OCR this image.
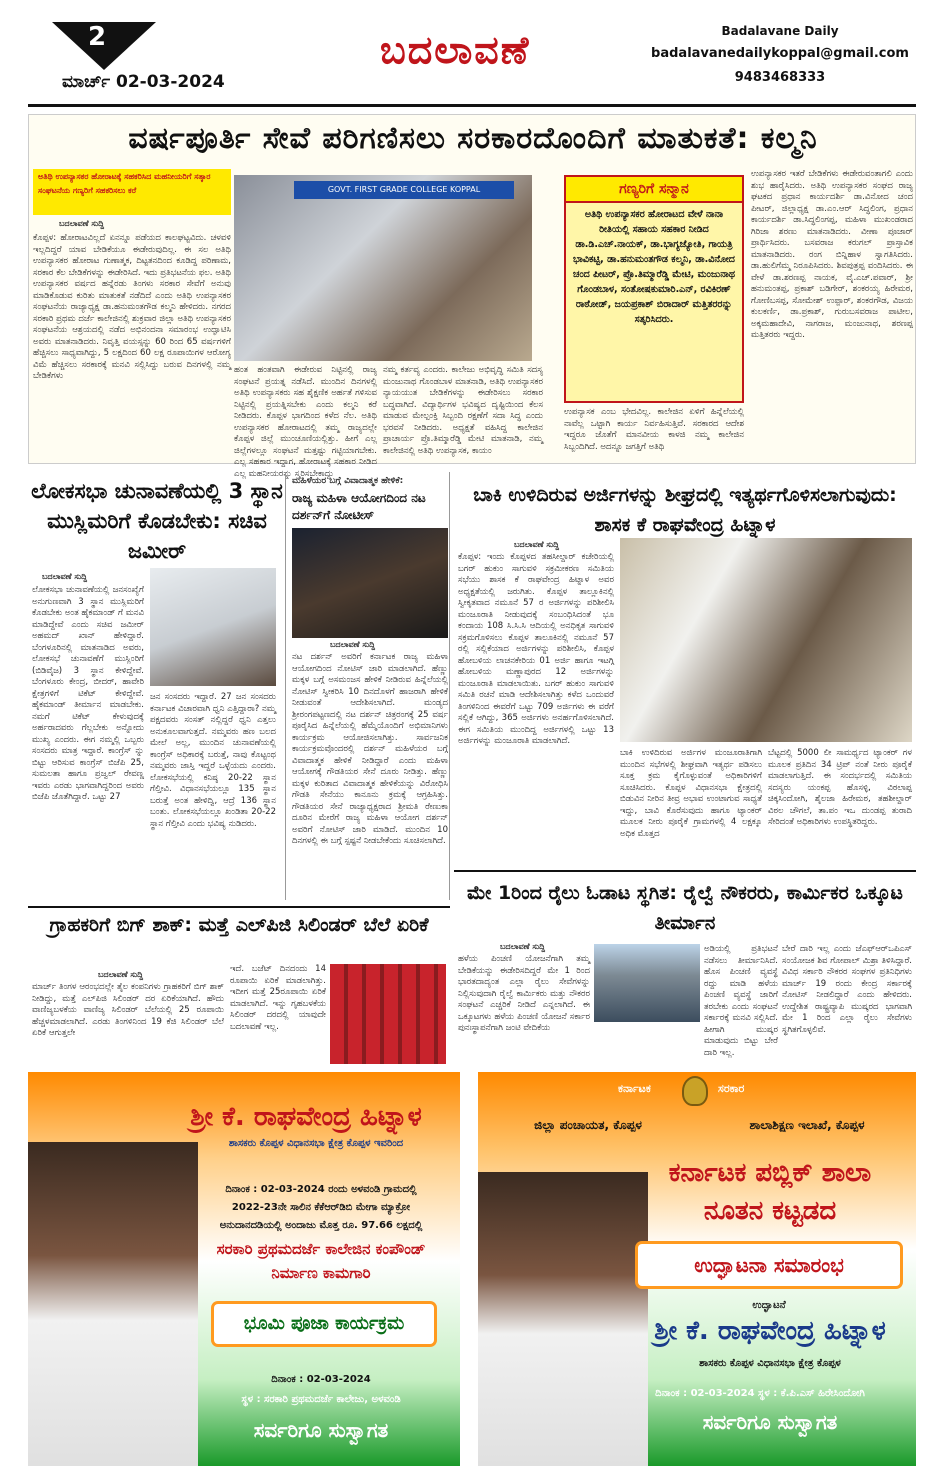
2
ಮಾರ್ಚ್ 02-03-2024
ಬದಲಾವಣೆ	Badalavane Daily
badalavanedailykoppal@gmail.com
9483468333
ವರ್ಷಪೂರ್ತಿ ಸೇವೆ ಪರಿಗಣಿಸಲು ಸರಕಾರದೊಂದಿಗೆ ಮಾತುಕತೆ: ಕಲ್ಮನಿ
ಅತಿಥಿ ಉಪನ್ಯಾಸಕರ ಹೋರಾಟಕ್ಕೆ ಸಹಕರಿಸಿದ ಮಹನೀಯರಿಗೆ ಸತ್ಕಾರ
ಸಂಘಟನೆಯ ಗಣ್ಯರಿಗೆ ಸಹಕರಿಸಲು ಕರೆ
ಬದಲಾವಣೆ ಸುದ್ದಿ
ಕೊಪ್ಪಳ: ಹೋರಾಟವಿಲ್ಲದೆ ಏನನ್ನೂ ಪಡೆಯದ ಕಾಲಘಟ್ಟವಿದು. ಚಳವಳಿ ಇಲ್ಲದಿದ್ದರೆ ಯಾವ ಬೇಡಿಕೆಯೂ ಈಡೇರುವುದಿಲ್ಲ. ಈ ಸಲ ಅತಿಥಿ ಉಪನ್ಯಾಸಕರ ಹೋರಾಟ ಗುಣಾತ್ಮಕ, ದಿಟ್ಟತನದಿಂದ ಕೂಡಿದ್ದ ಪರಿಣಾಮ, ಸರಕಾರ ಕೆಲ ಬೇಡಿಕೆಗಳನ್ನು ಈಡೇರಿಸಿದೆ. ಇದು ಪ್ರತಿಭಟನೆಯ ಫಲ. ಅತಿಥಿ ಉಪನ್ಯಾಸಕರ ವರ್ಷದ ಹನ್ನೆರಡು ತಿಂಗಳು ಸರಕಾರ ಸೇವೆಗೆ ಅನುವು ಮಾಡಿಕೊಡುವ ಕುರಿತು ಮಾತುಕತೆ ನಡೆದಿದೆ ಎಂದು ಅತಿಥಿ ಉಪನ್ಯಾಸಕರ ಸಂಘಟನೆಯ ರಾಜ್ಯಾಧ್ಯಕ್ಷ ಡಾ.ಹನುಮಂತಗೌಡ ಕಲ್ಮನಿ ಹೇಳಿದರು. ನಗರದ ಸರಕಾರಿ ಪ್ರಥಮ ದರ್ಜೆ ಕಾಲೇಜಿನಲ್ಲಿ ಶುಕ್ರವಾರ ಜಿಲ್ಲಾ ಅತಿಥಿ ಉಪನ್ಯಾಸಕರ ಸಂಘಟನೆಯ ಆಶ್ರಯದಲ್ಲಿ ನಡೆದ ಅಭಿನಂದನಾ ಸಮಾರಂಭ ಉದ್ಘಾಟಿಸಿ ಅವರು ಮಾತನಾಡಿದರು. ನಿವೃತ್ತಿ ವಯಸ್ಸನ್ನು 60 ರಿಂದ 65 ವರ್ಷಗಳಿಗೆ ಹೆಚ್ಚಿಸಲು ಸಾಧ್ಯವಾಗಿದ್ದು, 5 ಲಕ್ಷದಿಂದ 60 ಲಕ್ಷ ರೂಪಾಯಿಗಳ ಆರೋಗ್ಯ ವಿಮೆ ಹೆಚ್ಚಿಸಲು ಸರಕಾರಕ್ಕೆ ಮನವಿ ಸಲ್ಲಿಸಿದ್ದು ಬರುವ ದಿನಗಳಲ್ಲಿ ನಮ್ಮ ಬೇಡಿಕೆಗಳು
GOVT. FIRST GRADE COLLEGE KOPPAL
ಹಂತ ಹಂತವಾಗಿ ಈಡೇರುವ ನಿಟ್ಟಿನಲ್ಲಿ ರಾಜ್ಯ ಸಂಘಟನೆ ಪ್ರಯತ್ನ ನಡೆಸಿದೆ. ಮುಂದಿನ ದಿನಗಳಲ್ಲಿ ಅತಿಥಿ ಉಪನ್ಯಾಸಕರು ಸಹ ಶೈಕ್ಷಣಿಕ ಅರ್ಹತೆ ಗಳಿಸುವ ನಿಟ್ಟಿನಲ್ಲಿ ಪ್ರಯತ್ನಿಸಬೇಕು ಎಂದು ಕಲ್ಮನಿ ಕರೆ ನೀಡಿದರು. ಕೊಪ್ಪಳ ಭಾಗದಿಂದ ಕಳೆದ ನೆಲ. ಅತಿಥಿ ಉಪನ್ಯಾಸಕರ ಹೋರಾಟದಲ್ಲಿ ತಮ್ಮ ರಾಜ್ಯದಲ್ಲೇ ಕೊಪ್ಪಳ ಜಿಲ್ಲೆ ಮುಂಚೂಣಿಯಲ್ಲಿತ್ತು. ಹೀಗೆ ಎಲ್ಲ ಜಿಲ್ಲೆಗಳಲ್ಲೂ ಸಂಘಟನೆ ಮತ್ತಷ್ಟು ಗಟ್ಟಿಯಾಗಬೇಕು. ಎಲ್ಲ ಸಹಕಾರ ಇದ್ದಾಗ, ಹೋರಾಟಕ್ಕೆ ಸಹಕಾರ ನೀಡಿದ ಎಲ್ಲ ಮಹನೀಯರನ್ನು ಸ್ಮರಿಸಬೇಕಾದ್ದು
ನಮ್ಮ ಕರ್ತವ್ಯ ಎಂದರು. ಕಾಲೇಜು ಅಭಿವೃದ್ಧಿ ಸಮಿತಿ ಸದಸ್ಯ ಮಂಜುನಾಥ ಗೊಂಡಬಾಳ ಮಾತನಾಡಿ, ಅತಿಥಿ ಉಪನ್ಯಾಸಕರ ನ್ಯಾಯಯುತ ಬೇಡಿಕೆಗಳನ್ನು ಈಡೇರಿಸಲು ಸರಕಾರ ಬದ್ಧವಾಗಿದೆ. ವಿದ್ಯಾರ್ಥಿಗಳ ಭವಿಷ್ಯದ ದೃಷ್ಟಿಯಿಂದ ಕೆಲಸ ಮಾಡುವ ಮೇಲ್ಪಂಕ್ತಿ ಸಿಬ್ಬಂದಿ ರಕ್ಷಣೆಗೆ ಸದಾ ಸಿದ್ಧ ಎಂದು ಭರವಸೆ ನೀಡಿದರು. ಅಧ್ಯಕ್ಷತೆ ವಹಿಸಿದ್ದ ಕಾಲೇಜಿನ ಪ್ರಾಚಾರ್ಯ ಪ್ರೊ.ತಿಮ್ಮಾರೆಡ್ಡಿ ಮೇಟಿ ಮಾತನಾಡಿ, ನಮ್ಮ ಕಾಲೇಜಿನಲ್ಲಿ ಅತಿಥಿ ಉಪನ್ಯಾಸಕ, ಕಾಯಂ
ಗಣ್ಯರಿಗೆ ಸನ್ಮಾನ
ಅತಿಥಿ ಉಪನ್ಯಾಸಕರ ಹೋರಾಟದ ವೇಳೆ ನಾನಾ ರೀತಿಯಲ್ಲಿ ಸಹಾಯ ಸಹಕಾರ ನೀಡಿದ ಡಾ.ಡಿ.ಎಚ್.ನಾಯಕ್, ಡಾ.ಭಾಗ್ಯಜ್ಯೋತಿ, ಗಾಯತ್ರಿ ಭಾವಿಕಟ್ಟಿ, ಡಾ.ಹನುಮಂತಗೌಡ ಕಲ್ಮನಿ, ಡಾ.ವಿನೋದ ಚಂದ ಪೀಟರ್, ಪ್ರೊ.ತಿಮ್ಮಾರೆಡ್ಡಿ ಮೇಟಿ, ಮಂಜುನಾಥ ಗೊಂಡಬಾಳ, ಸಂತೋಷಕುಮಾರಿ.ಎನ್, ರವಿಕಿರಣ್ ರಾಠೋಡ್, ಜಯಪ್ರಕಾಶ್ ಬಿರಾದಾರ್ ಮತ್ತಿತರರನ್ನು ಸತ್ಕರಿಸಿದರು.
ಉಪನ್ಯಾಸಕ ಎಂಬ ಭೇದವಿಲ್ಲ. ಕಾಲೇಜಿನ ಏಳಿಗೆ ಹಿನ್ನೆಲೆಯಲ್ಲಿ ನಾವೆಲ್ಲ ಒಟ್ಟಾಗಿ ಕಾರ್ಯ ನಿರ್ವಹಿಸುತ್ತಿವೆ. ಸರಕಾರದ ಆದೇಶ ಇದ್ದರೂ ಜೊತೆಗೆ ಮಾನವೀಯ ಕಾಳಜಿ ನಮ್ಮ ಕಾಲೇಜಿನ ಸಿಬ್ಬಂದಿಗಿದೆ. ಅದನ್ನೂ ಜಗತ್ತಿಗೆ ಅತಿಥಿ
ಉಪನ್ಯಾಸಕರ ಇತರೆ ಬೇಡಿಕೆಗಳು ಈಡೇರುವಂತಾಗಲಿ ಎಂದು ಶುಭ ಹಾರೈಸಿದರು. ಅತಿಥಿ ಉಪನ್ಯಾಸಕರ ಸಂಘದ ರಾಜ್ಯ ಘಟಕದ ಪ್ರಧಾನ ಕಾರ್ಯದರ್ಶಿ ಡಾ.ವಿನೋದ ಚಂದ ಪೀಟರ್, ಜಿಲ್ಲಾಧ್ಯಕ್ಷ ಡಾ.ಎಂ.ಆರ್ ಸಿದ್ಧಲಿಂಗ, ಪ್ರಧಾನ ಕಾರ್ಯದರ್ಶಿ ಡಾ.ಸಿದ್ಧಲಿಂಗಪ್ಪ, ಮಹಿಳಾ ಮುಖಂಡರಾದ ಗಿರಿಜಾ ಶರಣು ಮಾತನಾಡಿದರು. ವೀಣಾ ಪೂಜಾರ್ ಪ್ರಾರ್ಥಿಸಿದರು. ಬಸವರಾಜ ಕರುಗಲ್ ಪ್ರಾಸ್ತಾವಿಕ ಮಾತನಾಡಿದರು. ರಂಗ ಬಿನ್ನಿಹಾಳ ಸ್ವಾಗತಿಸಿದರು. ಡಾ.ಹುಲಿಗೆಮ್ಮ ನಿರೂಪಿಸಿದರು. ಶಿವಪುತ್ರಪ್ಪ ವಂದಿಸಿದರು. ಈ ವೇಳೆ ಡಾ.ಶರಣಪ್ಪ ನಾಯಕ, ವೈ.ಎಚ್.ಪವಾರ್, ಶ್ರೀ ಹನುಮಂತಪ್ಪ, ಪ್ರಕಾಶ್ ಬಡಿಗೇರ್, ಶಂಕರಯ್ಯ ಹಿರೇಮಠ, ಗೋಣಿಬಸಪ್ಪ, ಸೋಮೇಶ್ ಉಪ್ಪಾರ್, ಶಂಕರಗೌಡ, ವಿಜಯ ಕುಲಕರ್ಣಿ, ಡಾ.ಪ್ರಕಾಶ್, ಗುರುಬಸವರಾಜ ಪಾಟೀಲ, ಅಕ್ಕಮಹಾದೇವಿ, ನಾಗರಾಜ, ಮಂಜುನಾಥ, ಶರಣಪ್ಪ ಮತ್ತಿತರರು ಇದ್ದರು.
ಲೋಕಸಭಾ ಚುನಾವಣೆಯಲ್ಲಿ 3 ಸ್ಥಾನ ಮುಸ್ಲಿಮರಿಗೆ ಕೊಡಬೇಕು: ಸಚಿವ ಜಮೀರ್
ಬದಲಾವಣೆ ಸುದ್ದಿ
ಲೋಕಸಭಾ ಚುನಾವಣೆಯಲ್ಲಿ ಜನಸಂಖ್ಯೆಗೆ ಅನುಗುಣವಾಗಿ 3 ಸ್ಥಾನ ಮುಸ್ಲಿಮರಿಗೆ ಕೊಡಬೇಕು ಅಂತ ಹೈಕಮಾಂಡ್ ಗೆ ಮನವಿ ಮಾಡಿದ್ದೇವೆ ಎಂದು ಸಚಿವ ಜಮೀರ್ ಅಹಮದ್ ಖಾನ್ ಹೇಳಿದ್ದಾರೆ. ಬೆಂಗಳೂರಿನಲ್ಲಿ ಮಾತನಾಡಿದ ಅವರು, ಲೋಕಸಭೆ ಚುನಾವಣೆಗೆ ಮುಸ್ಲಿಂರಿಗೆ (ಬಿಡಿವೈಜ) 3 ಸ್ಥಾನ ಕೇಳಿದ್ದೇವೆ. ಬೆಂಗಳೂರು ಕೇಂದ್ರ, ಬೀದರ್, ಹಾವೇರಿ ಕ್ಷೇತ್ರಗಳಿಗೆ ಟಿಕೆಟ್ ಕೇಳಿದ್ದೇವೆ. ಹೈಕಮಾಂಡ್ ತೀರ್ಮಾನ ಮಾಡಬೇಕು. ನಮಗೆ ಟಿಕೆಟ್ ಕೇಳುವುದಕ್ಕೆ ಅರ್ಹರಾದವರು ಗೆಲ್ಲಬೇಕು ಅನ್ನೋದು ಮುಖ್ಯ ಎಂದರು. ಈಗ ನಮ್ಮಲ್ಲಿ ಒಬ್ಬರು ಸಂಸದರು ಮಾತ್ರ ಇದ್ದಾರೆ. ಕಾಂಗ್ರೆಸ್ ನ್ನು ಬಿಟ್ಟು ಆರಿಸುವ ಕಾಂಗ್ರೆಸ್ ಬಿಜೆಪಿ 25, ಸುಮಲತಾ ಹಾಗೂ ಪ್ರಜ್ವಲ್ ರೇವಣ್ಣ ಇವರು ಎರಡು ಭಾಗವಾಗಿದ್ದರಿಂದ ಅವರು ಬಿಜೆಪಿ ಜೊತೆಗಿದ್ದಾರೆ. ಒಟ್ಟು 27
ಜನ ಸಂಸದರು ಇದ್ದಾರೆ. 27 ಜನ ಸಂಸದರು ಕರ್ನಾಟಕ ವಿಚಾರವಾಗಿ ಧ್ವನಿ ಎತ್ತಿದ್ದಾರಾ? ನಮ್ಮ ಪಕ್ಷದವರು ಸಂಸತ್ ನಲ್ಲಿದ್ದರೆ ಧ್ವನಿ ಎತ್ತಲು ಅನುಕೂಲವಾಗುತ್ತದೆ. ನಮ್ಮವರು ಹಣ ಬಲದ ಮೇಲೆ ಅಲ್ಲ, ಮುಂದಿನ ಚುನಾವಣೆಯಲ್ಲಿ ಕಾಂಗ್ರೆಸ್ ಅಧಿಕಾರಕ್ಕೆ ಬರುತ್ತೆ, ನಾವು ಕೊಟ್ಟಂಥ ನಮ್ಮವರು ಜಾಸ್ತಿ ಇದ್ದರೆ ಒಳ್ಳೆಯದು ಎಂದರು. ಲೋಕಸಭೆಯಲ್ಲಿ ಕನಿಷ್ಠ 20-22 ಸ್ಥಾನ ಗೆಲ್ತೀವಿ. ವಿಧಾನಸಭೆಯಲ್ಲೂ 135 ಸ್ಥಾನ ಬರುತ್ತೆ ಅಂತ ಹೇಳಿದ್ವಿ, ಆದ್ರೆ 136 ಸ್ಥಾನ ಬಂತು. ಲೋಕಸಭೆಯಲ್ಲೂ ಖಂಡಿತಾ 20-22 ಸ್ಥಾನ ಗೆಲ್ತೀವಿ ಎಂದು ಭವಿಷ್ಯ ನುಡಿದರು.
ಮಹಿಳೆಯರ ಬಗ್ಗೆ ವಿವಾದಾತ್ಮಕ ಹೇಳಿಕೆ:
ರಾಜ್ಯ ಮಹಿಳಾ ಆಯೋಗದಿಂದ ನಟ ದರ್ಶನ್‌ಗೆ ನೋಟೀಸ್
ಬದಲಾವಣೆ ಸುದ್ದಿ
ನಟ ದರ್ಶನ್ ಅವರಿಗೆ ಕರ್ನಾಟಕ ರಾಜ್ಯ ಮಹಿಳಾ ಆಯೋಗದಿಂದ ನೋಟಿಸ್ ಜಾರಿ ಮಾಡಲಾಗಿದೆ. ಹೆಣ್ಣು ಮಕ್ಕಳ ಬಗ್ಗೆ ಅಸಮಂಜಸ ಹೇಳಿಕೆ ನೀಡಿರುವ ಹಿನ್ನೆಲೆಯಲ್ಲಿ ನೋಟಿಸ್ ಸ್ವೀಕರಿಸಿ 10 ದಿನದೊಳಗೆ ಹಾಜರಾಗಿ ಹೇಳಿಕೆ ನೀಡುವಂತೆ ಆದೇಶಿಸಲಾಗಿದೆ. ಮಂಡ್ಯದ ಶ್ರೀರಂಗಪಟ್ಟಣದಲ್ಲಿ ನಟ ದರ್ಶನ್ ಚಿತ್ರರಂಗಕ್ಕೆ 25 ವರ್ಷ ಪೂರೈಸಿದ ಹಿನ್ನೆಲೆಯಲ್ಲಿ ಹೆಮ್ಮೆಯೊಂದಿಗೆ ಅಭಿಮಾನಿಗಳು ಕಾರ್ಯಕ್ರಮ ಆಯೋಜಿಸಲಾಗಿತ್ತು. ಸಾರ್ವಜನಿಕ ಕಾರ್ಯಕ್ರಮವೊಂದರಲ್ಲಿ ದರ್ಶನ್ ಮಹಿಳೆಯರ ಬಗ್ಗೆ ವಿವಾದಾತ್ಮಕ ಹೇಳಿಕೆ ನೀಡಿದ್ದಾರೆ ಎಂದು ಮಹಿಳಾ ಆಯೋಗಕ್ಕೆ ಗೌಡತಿಯರ ಸೇನೆ ದೂರು ನೀಡಿತ್ತು. ಹೆಣ್ಣು ಮಕ್ಕಳ ಕುರಿತಾದ ವಿವಾದಾತ್ಮಕ ಹೇಳಿಕೆಯನ್ನು ವಿರೋಧಿಸಿ ಗೌಡತಿ ಸೇನೆಯು ಕಾನೂನು ಕ್ರಮಕ್ಕೆ ಆಗ್ರಹಿಸಿತ್ತು. ಗೌಡತಿಯರ ಸೇನೆ ರಾಜ್ಯಾಧ್ಯಕ್ಷರಾದ ಶ್ರೀಮತಿ ರೇಣುಕಾ ದೂರಿನ ಮೇರೆಗೆ ರಾಜ್ಯ ಮಹಿಳಾ ಆಯೋಗ ದರ್ಶನ್ ಅವರಿಗೆ ನೋಟಿಸ್ ಜಾರಿ ಮಾಡಿದೆ. ಮುಂದಿನ 10 ದಿನಗಳಲ್ಲಿ ಈ ಬಗ್ಗೆ ಸ್ಪಷ್ಟನೆ ನೀಡಬೇಕೆಂದು ಸೂಚಿಸಲಾಗಿದೆ.
ಬಾಕಿ ಉಳಿದಿರುವ ಅರ್ಜಿಗಳನ್ನು ಶೀಘ್ರದಲ್ಲಿ ಇತ್ಯರ್ಥಗೊಳಿಸಲಾಗುವುದು: ಶಾಸಕ ಕೆ ರಾಘವೇಂದ್ರ ಹಿಟ್ನಾಳ
ಬದಲಾವಣೆ ಸುದ್ದಿ
ಕೊಪ್ಪಳ: ಇಂದು ಕೊಪ್ಪಳದ ತಹಸೀಲ್ದಾರ್ ಕಚೇರಿಯಲ್ಲಿ ಬಗರ್ ಹುಕುಂ ಸಾಗುವಳಿ ಸಕ್ರಮೀಕರಣ ಸಮಿತಿಯ ಸಭೆಯು ಶಾಸಕ ಕೆ ರಾಘವೇಂದ್ರ ಹಿಟ್ನಾಳ ಅವರ ಅಧ್ಯಕ್ಷತೆಯಲ್ಲಿ ಜರುಗಿತು. ಕೊಪ್ಪಳ ತಾಲ್ಲೂಕಿನಲ್ಲಿ ಸ್ವೀಕೃತವಾದ ನಮೂನೆ 57 ರ ಅರ್ಜಿಗಳನ್ನು ಪರಿಶೀಲಿಸಿ ಮಂಜೂರಾತಿ ನೀಡುವುದಕ್ಕೆ ಸಂಬಂಧಿಸಿದಂತೆ ಭೂ ಕಂದಾಯ 108 ಸಿ.ಸಿ.ಸಿ ಆದಿಯಲ್ಲಿ ಅನಧಿಕೃತ ಸಾಗುವಳಿ ಸಕ್ರಮಗೊಳಿಸಲು ಕೊಪ್ಪಳ ತಾಲೂಕಿನಲ್ಲಿ ನಮೂನೆ 57 ರಲ್ಲಿ ಸಲ್ಲಿಕೆಯಾದ ಅರ್ಜಿಗಳನ್ನು ಪರಿಶೀಲಿಸಿ, ಕೊಪ್ಪಳ ಹೋಬಳಿಯ ಲಾಚನಕೇರಿಯ 01 ಅರ್ಜಿ ಹಾಗೂ ಇಟಗ್ಗಿ ಹೋಬಳಿಯ ಮಣ್ಣಾಪುರದ 12 ಅರ್ಜಿಗಳನ್ನು ಮಂಜೂರಾತಿ ಮಾಡಲಾಯಿತು. ಬಗರ್ ಹುಕುಂ ಸಾಗುವಳಿ ಸಮಿತಿ ರಚನೆ ಮಾಡಿ ಆದೇಶಿಸಲಾಗಿತ್ತು ಕಳೆದ ಒಂದುವರೆ ತಿಂಗಳಿನಿಂದ ಈವರೆಗೆ ಒಟ್ಟು 709 ಅರ್ಜಿಗಳು ಈ ವರೆಗೆ ಸಲ್ಲಿಕೆ ಆಗಿದ್ದು, 365 ಅರ್ಜಿಗಳು ಅನರ್ಹಗೊಳಿಸಲಾಗಿದೆ. ಈಗ ಸಮಿತಿಯ ಮುಂದಿದ್ದ ಅರ್ಜಿಗಳಲ್ಲಿ ಒಟ್ಟು 13 ಅರ್ಜಿಗಳನ್ನು ಮಂಜೂರಾತಿ ಮಾಡಲಾಗಿದೆ.
ಬಾಕಿ ಉಳಿದಿರುವ ಅರ್ಜಿಗಳ ಮಂಜೂರಾತಿಗಾಗಿ ಮುಂದಿನ ಸಭೆಗಳಲ್ಲಿ ಶೀಘ್ರವಾಗಿ ಇತ್ಯರ್ಥ ಪಡಿಸಲು ಸೂಕ್ತ ಕ್ರಮ ಕೈಗೊಳ್ಳುವಂತೆ ಅಧಿಕಾರಿಗಳಿಗೆ ಸೂಚಿಸಿದರು. ಕೊಪ್ಪಳ ವಿಧಾನಸಭಾ ಕ್ಷೇತ್ರದಲ್ಲಿ ಬಿಡುವಿನ ನೀರಿನ ತೀವ್ರ ಅಭಾವ ಉಂಟಾಗುವ ಸಾಧ್ಯತೆ ಇದ್ದು, ಬಾವಿ ಕೊರೆಸುವುದು ಹಾಗೂ ಟ್ಯಾಂಕರ್ ಮೂಲಕ ನೀರು ಪೂರೈಕೆ ಗ್ರಾಮಗಳಲ್ಲಿ 4 ಲಕ್ಷಕ್ಕೂ ಅಧಿಕ ಮೊತ್ತದ
ಬೆಟ್ಟದಲ್ಲಿ 5000 ಲೀ ಸಾಮರ್ಥ್ಯದ ಟ್ಯಾಂಕರ್ ಗಳ ಮೂಲಕ ಪ್ರತಿದಿನ 34 ಟ್ರಿಪ್ ನಂತೆ ನೀರು ಪೂರೈಕೆ ಮಾಡಲಾಗುತ್ತಿದೆ. ಈ ಸಂದರ್ಭದಲ್ಲಿ ಸಮಿತಿಯ ಸದಸ್ಯರು ಯಂಕಪ್ಪ ಹೊಸಳ್ಳಿ, ವಿಠಲಾಪ್ಪ ಚಿಕ್ಕಸಿಂದೋಗಿ, ಶೈಲಜಾ ಹಿರೇಮಠ, ತಹಶೀಲ್ದಾರ್ ವಿಠಲ ಚೌಗಲೆ, ತಾ.ಪಂ ಇಒ ದುಂಡಪ್ಪ ತುರಾದಿ ಸೇರಿದಂತೆ ಅಧಿಕಾರಿಗಳು ಉಪಸ್ಥಿತರಿದ್ದರು.
ಮೇ 1ರಿಂದ ರೈಲು ಓಡಾಟ ಸ್ಥಗಿತ: ರೈಲ್ವೆ ನೌಕರರು, ಕಾರ್ಮಿಕರ ಒಕ್ಕೂಟ ತೀರ್ಮಾನ
ಬದಲಾವಣೆ ಸುದ್ದಿ
ಹಳೆಯ ಪಿಂಚಣಿ ಯೋಜನೆಗಾಗಿ ತಮ್ಮ ಬೇಡಿಕೆಯನ್ನು ಈಡೇರಿಸದಿದ್ದರೆ ಮೇ 1 ರಿಂದ ಭಾರತದಾದ್ಯಂತ ಎಲ್ಲಾ ರೈಲು ಸೇವೆಗಳನ್ನು ನಿಲ್ಲಿಸುವುದಾಗಿ ರೈಲ್ವೆ ಕಾರ್ಮಿಕರು ಮತ್ತು ನೌಕರರ ಸಂಘಟನೆ ಎಚ್ಚರಿಕೆ ನೀಡಿದೆ ಎನ್ನಲಾಗಿದೆ. ಈ ಒಕ್ಕೂಟಗಳು ಹಳೆಯ ಪಿಂಚಣಿ ಯೋಜನೆ ಸರ್ಕಾರ ಪುನಃಸ್ಥಾಪನೆಗಾಗಿ ಜಂಟಿ ವೇದಿಕೆಯ
ಅಡಿಯಲ್ಲಿ ಪ್ರತಿಭಟನೆ ನಡೆಸಲು ತೀರ್ಮಾನಿಸಿದೆ. ಹೊಸ ಪಿಂಚಣಿ ವ್ಯವಸ್ಥೆ ರದ್ದು ಮಾಡಿ ಹಳೆಯ ಪಿಂಚಣಿ ವ್ಯವಸ್ಥೆ ಜಾರಿಗೆ ತರಬೇಕು ಎಂದು ಸಂಘಟನೆ ಸರ್ಕಾರಕ್ಕೆ ಮನವಿ ಸಲ್ಲಿಸಿದೆ. ಹೀಗಾಗಿ ಮುಷ್ಕರ ಮಾಡುವುದು ಬಿಟ್ಟು ಬೇರೆ ದಾರಿ ಇಲ್ಲ.
ಬೇರೆ ದಾರಿ ಇಲ್ಲ ಎಂದು ಜೆಎಫ್ಆರ್‌ಒಪಿಎಸ್ ಸಂಯೋಜಕ ಶಿವ ಗೋಪಾಲ್ ಮಿಶ್ರಾ ತಿಳಿಸಿದ್ದಾರೆ. ವಿವಿಧ ಸರ್ಕಾರಿ ನೌಕರರ ಸಂಘಗಳ ಪ್ರತಿನಿಧಿಗಳು ಮಾರ್ಚ್ 19 ರಂದು ಕೇಂದ್ರ ಸರ್ಕಾರಕ್ಕೆ ನೋಟಿಸ್ ನೀಡಲಿದ್ದಾರೆ ಎಂದು ಹೇಳಿದರು. ಉದ್ದೇಶಿತ ರಾಷ್ಟ್ರವ್ಯಾಪಿ ಮುಷ್ಕರದ ಭಾಗವಾಗಿ ಮೇ 1 ರಿಂದ ಎಲ್ಲಾ ರೈಲು ಸೇವೆಗಳು ಸ್ಥಗಿತಗೊಳ್ಳಲಿವೆ.
ಗ್ರಾಹಕರಿಗೆ ಬಿಗ್ ಶಾಕ್: ಮತ್ತೆ ಎಲ್‌ಪಿಜಿ ಸಿಲಿಂಡರ್ ಬೆಲೆ ಏರಿಕೆ
ಬದಲಾವಣೆ ಸುದ್ದಿ
ಮಾರ್ಚ್ ತಿಂಗಳ ಆರಂಭದಲ್ಲೇ ತೈಲ ಕಂಪನಿಗಳು ಗ್ರಾಹಕರಿಗೆ ಬಿಗ್ ಶಾಕ್ ನೀಡಿದ್ದು, ಮತ್ತೆ ಎಲ್‌ಪಿಜಿ ಸಿಲಿಂಡರ್ ದರ ಏರಿಕೆಯಾಗಿದೆ. ಹೌದು ವಾಣಿಜ್ಯಬಳಕೆಯ ವಾಣಿಜ್ಯ ಸಿಲಿಂಡರ್ ಬೆಲೆಯಲ್ಲಿ 25 ರೂಪಾಯಿ ಹೆಚ್ಚಳಮಾಡಲಾಗಿದೆ. ಎರಡು ತಿಂಗಳಿನಿಂದ 19 ಕೆಜಿ ಸಿಲಿಂಡರ್ ಬೆಲೆ ಏರಿಕೆ ಆಗುತ್ತಲೇ
ಇದೆ. ಬಜೆಟ್ ದಿನದಂದು 14 ರೂಪಾಯಿ ಏರಿಕೆ ಮಾಡಲಾಗಿತ್ತು. ಇದೀಗ ಮತ್ತೆ 25ರೂಪಾಯಿ ಏರಿಕೆ ಮಾಡಲಾಗಿದೆ. ಇನ್ನು ಗೃಹಬಳಕೆಯ ಸಿಲಿಂಡರ್ ದರದಲ್ಲಿ ಯಾವುದೇ ಬದಲಾವಣೆ ಇಲ್ಲ.
ಶ್ರೀ ಕೆ. ರಾಘವೇಂದ್ರ ಹಿಟ್ನಾಳ
ಶಾಸಕರು ಕೊಪ್ಪಳ ವಿಧಾನಸಭಾ ಕ್ಷೇತ್ರ ಕೊಪ್ಪಳ ಇವರಿಂದ
ದಿನಾಂಕ : 02-03-2024 ರಂದು ಅಳವಂಡಿ ಗ್ರಾಮದಲ್ಲಿ
2022-23ನೇ ಸಾಲಿನ ಕೆಕೆಆರ್‌ಡಿಬಿ ಮೇಗಾ ಮ್ಯಾಕ್ರೋ
ಅನುದಾನದಡಿಯಲ್ಲಿ ಅಂದಾಜು ಮೊತ್ತ ರೂ. 97.66 ಲಕ್ಷದಲ್ಲಿ
ಸರಕಾರಿ ಪ್ರಥಮದರ್ಜೆ ಕಾಲೇಜಿನ ಕಂಪೌಂಡ್
ನಿರ್ಮಾಣ ಕಾಮಗಾರಿ
ಭೂಮಿ ಪೂಜಾ ಕಾರ್ಯಕ್ರಮ
ದಿನಾಂಕ : 02-03-2024
ಸ್ಥಳ : ಸರಕಾರಿ ಪ್ರಥಮದರ್ಜೆ ಕಾಲೇಜು, ಅಳವಂಡಿ
ಸರ್ವರಿಗೂ ಸುಸ್ವಾಗತ
ಕರ್ನಾಟಕ	ಸರಕಾರ
ಜಿಲ್ಲಾ ಪಂಚಾಯತ, ಕೊಪ್ಪಳ	ಶಾಲಾಶಿಕ್ಷಣ ಇಲಾಖೆ, ಕೊಪ್ಪಳ
ಕರ್ನಾಟಕ ಪಬ್ಲಿಕ್ ಶಾಲಾ
ನೂತನ ಕಟ್ಟಡದ
ಉದ್ಘಾಟನಾ ಸಮಾರಂಭ
ಉದ್ಘಾಟನೆ
ಶ್ರೀ ಕೆ. ರಾಘವೇಂದ್ರ ಹಿಟ್ನಾಳ
ಶಾಸಕರು ಕೊಪ್ಪಳ ವಿಧಾನಸಭಾ ಕ್ಷೇತ್ರ ಕೊಪ್ಪಳ
ದಿನಾಂಕ : 02-03-2024 ಸ್ಥಳ : ಕೆ.ಪಿ.ಎಸ್ ಹಿರೇಸಿಂದೋಗಿ
ಸರ್ವರಿಗೂ ಸುಸ್ವಾಗತ
